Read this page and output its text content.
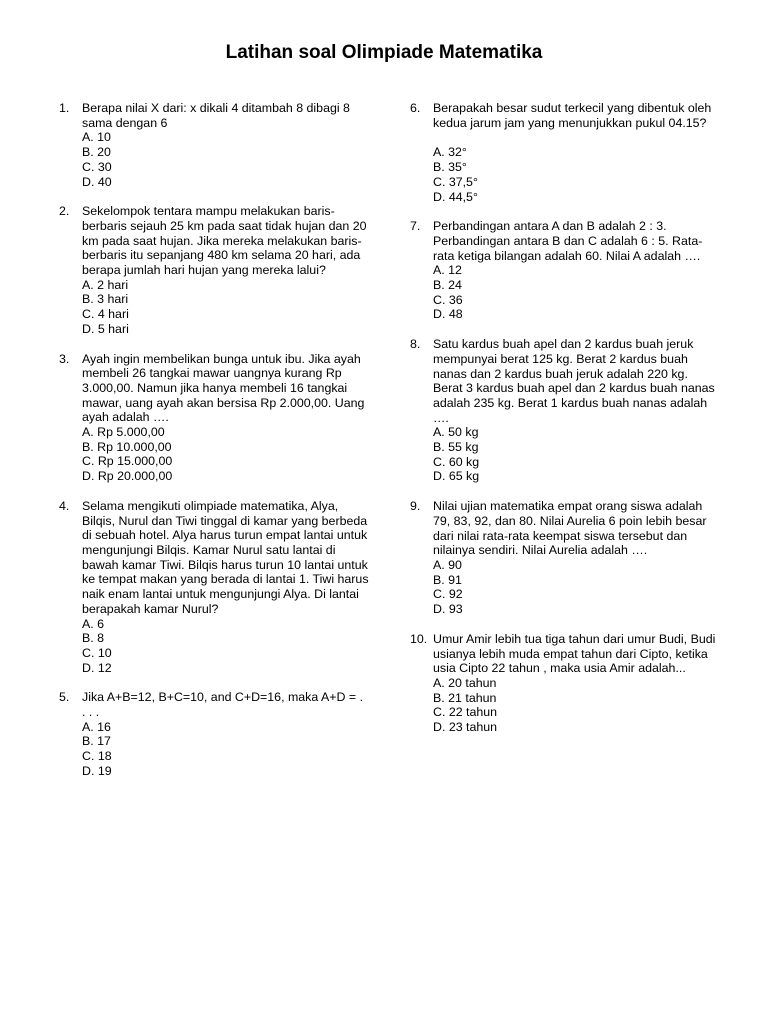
Latihan soal Olimpiade Matematika
1. Berapa nilai X dari: x dikali 4 ditambah 8 dibagi 8 sama dengan 6
A. 10
B. 20
C. 30
D. 40
2. Sekelompok tentara mampu melakukan baris-berbaris sejauh 25 km pada saat tidak hujan dan 20 km pada saat hujan. Jika mereka melakukan baris-berbaris itu sepanjang 480 km selama 20 hari, ada berapa jumlah hari hujan yang mereka lalui?
A. 2 hari
B. 3 hari
C. 4 hari
D. 5 hari
3. Ayah ingin membelikan bunga untuk ibu. Jika ayah membeli 26 tangkai mawar uangnya kurang Rp 3.000,00. Namun jika hanya membeli 16 tangkai mawar, uang ayah akan bersisa Rp 2.000,00. Uang ayah adalah ….
A. Rp 5.000,00
B. Rp 10.000,00
C. Rp 15.000,00
D. Rp 20.000,00
4. Selama mengikuti olimpiade matematika, Alya, Bilqis, Nurul dan Tiwi tinggal di kamar yang berbeda di sebuah hotel. Alya harus turun empat lantai untuk mengunjungi Bilqis. Kamar Nurul satu lantai di bawah kamar Tiwi. Bilqis harus turun 10 lantai untuk ke tempat makan yang berada di lantai 1. Tiwi harus naik enam lantai untuk mengunjungi Alya. Di lantai berapakah kamar Nurul?
A. 6
B. 8
C. 10
D. 12
5. Jika A+B=12, B+C=10, and C+D=16, maka A+D = . . . .
A. 16
B. 17
C. 18
D. 19
6. Berapakah besar sudut terkecil yang dibentuk oleh kedua jarum jam yang menunjukkan pukul 04.15?
A. 32°
B. 35°
C. 37,5°
D. 44,5°
7. Perbandingan antara A dan B adalah 2 : 3. Perbandingan antara B dan C adalah 6 : 5. Rata-rata ketiga bilangan adalah 60. Nilai A adalah ….
A. 12
B. 24
C. 36
D. 48
8. Satu kardus buah apel dan 2 kardus buah jeruk mempunyai berat 125 kg. Berat 2 kardus buah nanas dan 2 kardus buah jeruk adalah 220 kg. Berat 3 kardus buah apel dan 2 kardus buah nanas adalah 235 kg. Berat 1 kardus buah nanas adalah ….
A. 50 kg
B. 55 kg
C. 60 kg
D. 65 kg
9. Nilai ujian matematika empat orang siswa adalah 79, 83, 92, dan 80. Nilai Aurelia 6 poin lebih besar dari nilai rata-rata keempat siswa tersebut dan nilainya sendiri. Nilai Aurelia adalah ….
A. 90
B. 91
C. 92
D. 93
10. Umur Amir lebih tua tiga tahun dari umur Budi, Budi usianya lebih muda empat tahun dari Cipto, ketika usia Cipto 22 tahun , maka usia Amir adalah...
A. 20 tahun
B. 21 tahun
C. 22 tahun
D. 23 tahun
